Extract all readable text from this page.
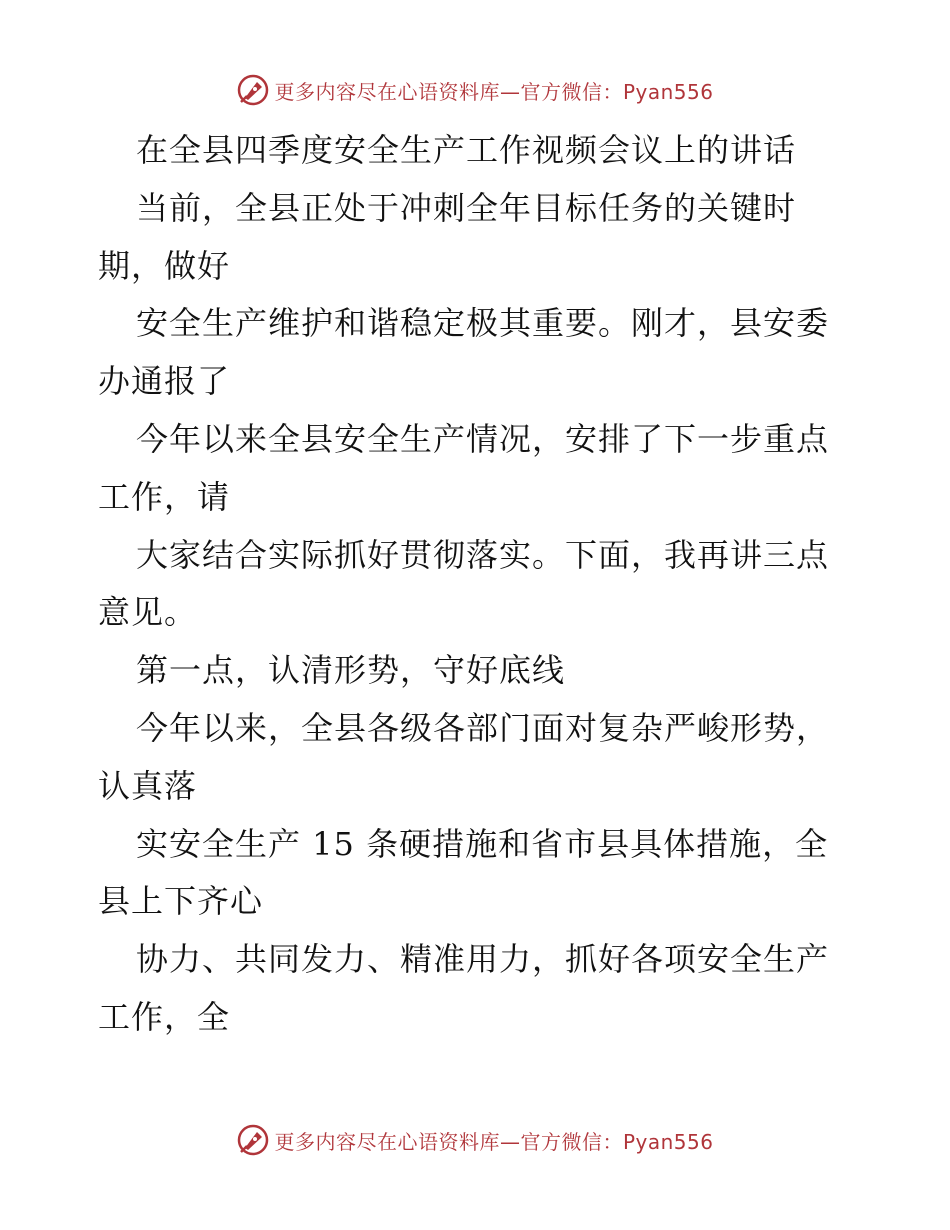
更多内容尽在心语资料库—官方微信：Pyan556
在全县四季度安全生产工作视频会议上的讲话
当前，全县正处于冲刺全年目标任务的关键时
期，做好
安全生产维护和谐稳定极其重要。刚才，县安委
办通报了
今年以来全县安全生产情况，安排了下一步重点
工作，请
大家结合实际抓好贯彻落实。下面，我再讲三点
意见。
第一点，认清形势，守好底线
今年以来，全县各级各部门面对复杂严峻形势，
认真落
实安全生产 15 条硬措施和省市县具体措施，全
县上下齐心
协力、共同发力、精准用力，抓好各项安全生产
工作，全
更多内容尽在心语资料库—官方微信：Pyan556
